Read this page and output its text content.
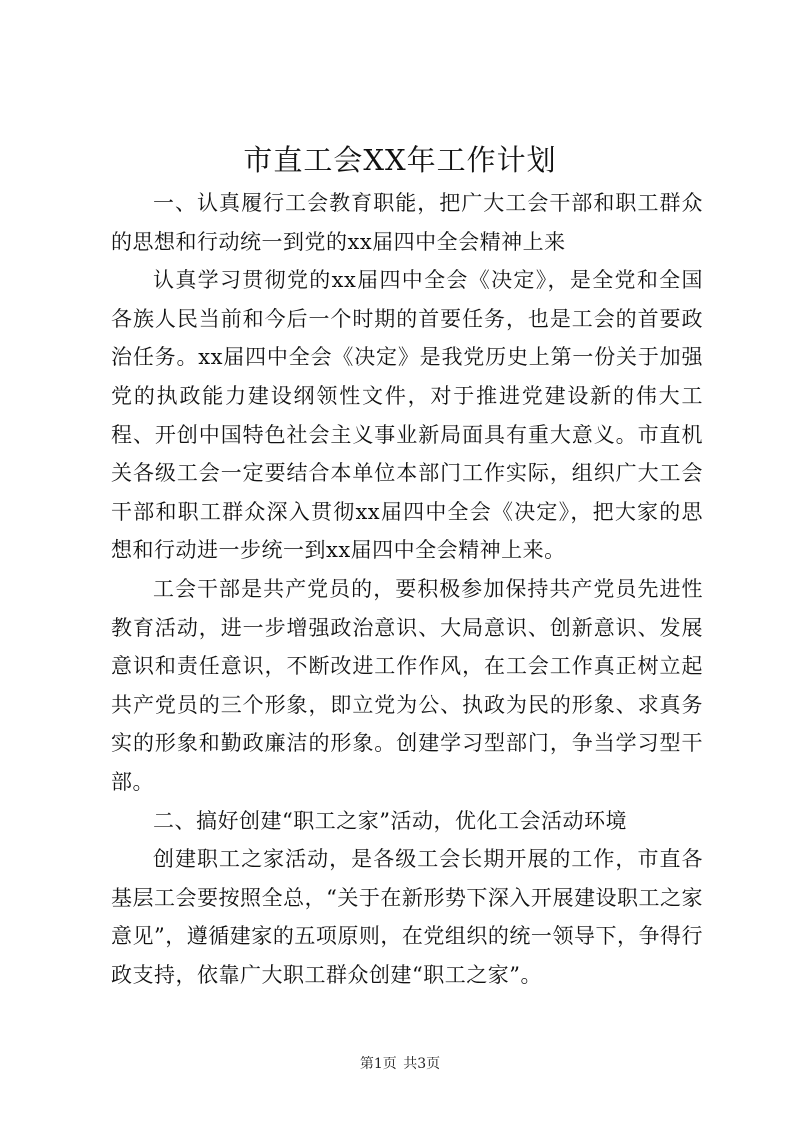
市直工会XX年工作计划

一、认真履行工会教育职能，把广大工会干部和职工群众的思想和行动统一到党的xx届四中全会精神上来

认真学习贯彻党的xx届四中全会《决定》，是全党和全国各族人民当前和今后一个时期的首要任务，也是工会的首要政治任务。xx届四中全会《决定》是我党历史上第一份关于加强党的执政能力建设纲领性文件，对于推进党建设新的伟大工程、开创中国特色社会主义事业新局面具有重大意义。市直机关各级工会一定要结合本单位本部门工作实际，组织广大工会干部和职工群众深入贯彻xx届四中全会《决定》，把大家的思想和行动进一步统一到xx届四中全会精神上来。

工会干部是共产党员的，要积极参加保持共产党员先进性教育活动，进一步增强政治意识、大局意识、创新意识、发展意识和责任意识，不断改进工作作风，在工会工作真正树立起共产党员的三个形象，即立党为公、执政为民的形象、求真务实的形象和勤政廉洁的形象。创建学习型部门，争当学习型干部。

二、搞好创建“职工之家”活动，优化工会活动环境

创建职工之家活动，是各级工会长期开展的工作，市直各基层工会要按照全总，“关于在新形势下深入开展建设职工之家意见”，遵循建家的五项原则，在党组织的统一领导下，争得行政支持，依靠广大职工群众创建“职工之家”。

第1页 共3页
